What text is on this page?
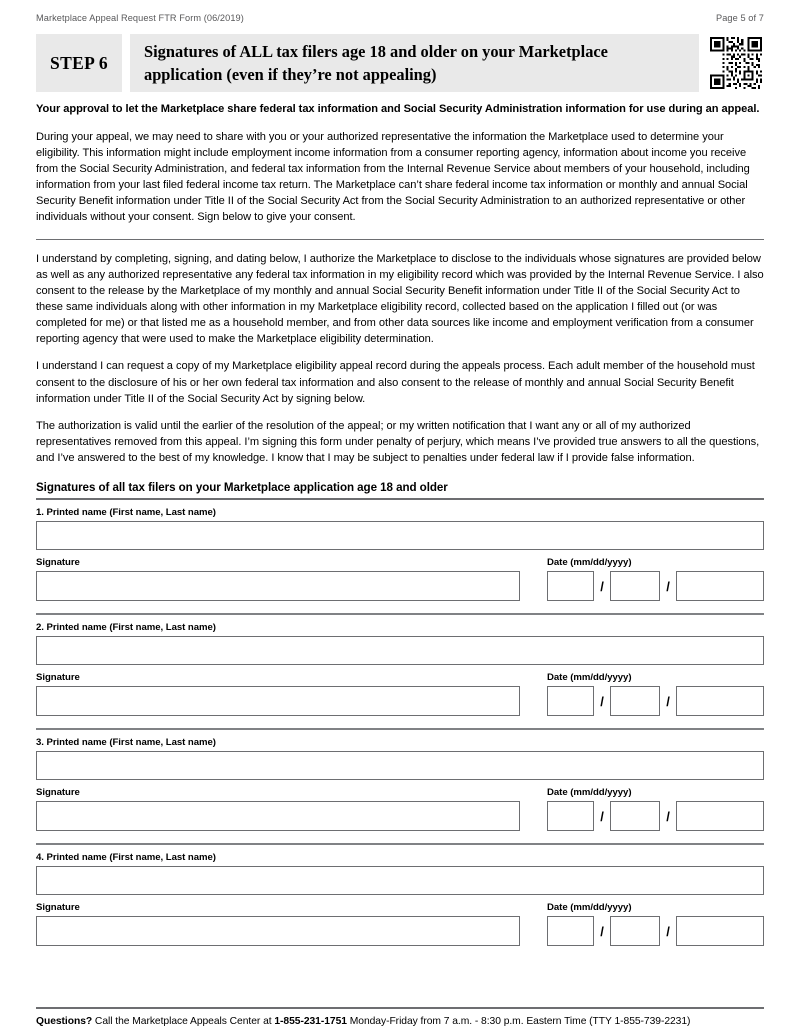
Marketplace Appeal Request FTR Form (06/2019)	Page 5 of 7
STEP 6
Signatures of ALL tax filers age 18 and older on your Marketplace
application (even if they’re not appealing)
Your approval to let the Marketplace share federal tax information and Social Security Administration information for use during an appeal.

During your appeal, we may need to share with you or your authorized representative the information the Marketplace used to determine your eligibility. This information might include employment income information from a consumer reporting agency, information about income you receive from the Social Security Administration, and federal tax information from the Internal Revenue Service about members of your household, including information from your last filed federal income tax return. The Marketplace can’t share federal income tax information or monthly and annual Social Security Benefit information under Title II of the Social Security Act from the Social Security Administration to an authorized representative or other individuals without your consent. Sign below to give your consent.

I understand by completing, signing, and dating below, I authorize the Marketplace to disclose to the individuals whose signatures are provided below as well as any authorized representative any federal tax information in my eligibility record which was provided by the Internal Revenue Service. I also consent to the release by the Marketplace of my monthly and annual Social Security Benefit information under Title II of the Social Security Act to these same individuals along with other information in my Marketplace eligibility record, collected based on the application I filled out (or was completed for me) or that listed me as a household member, and from other data sources like income and employment verification from a consumer reporting agency that were used to make the Marketplace eligibility determination.

I understand I can request a copy of my Marketplace eligibility appeal record during the appeals process. Each adult member of the household must consent to the disclosure of his or her own federal tax information and also consent to the release of monthly and annual Social Security Benefit information under Title II of the Social Security Act by signing below.

The authorization is valid until the earlier of the resolution of the appeal; or my written notification that I want any or all of my authorized representatives removed from this appeal. I’m signing this form under penalty of perjury, which means I’ve provided true answers to all the questions, and I’ve answered to the best of my knowledge. I know that I may be subject to penalties under federal law if I provide false information.

Signatures of all tax filers on your Marketplace application age 18 and older
1. Printed name (First name, Last name)
Signature	Date (mm/dd/yyyy)
/	/
2. Printed name (First name, Last name)
Signature	Date (mm/dd/yyyy)
/	/
3. Printed name (First name, Last name)
Signature	Date (mm/dd/yyyy)
/	/
4. Printed name (First name, Last name)
Signature	Date (mm/dd/yyyy)
/	/
Questions? Call the Marketplace Appeals Center at 1-855-231-1751 Monday-Friday from 7 a.m. - 8:30 p.m. Eastern Time (TTY 1-855-739-2231)
